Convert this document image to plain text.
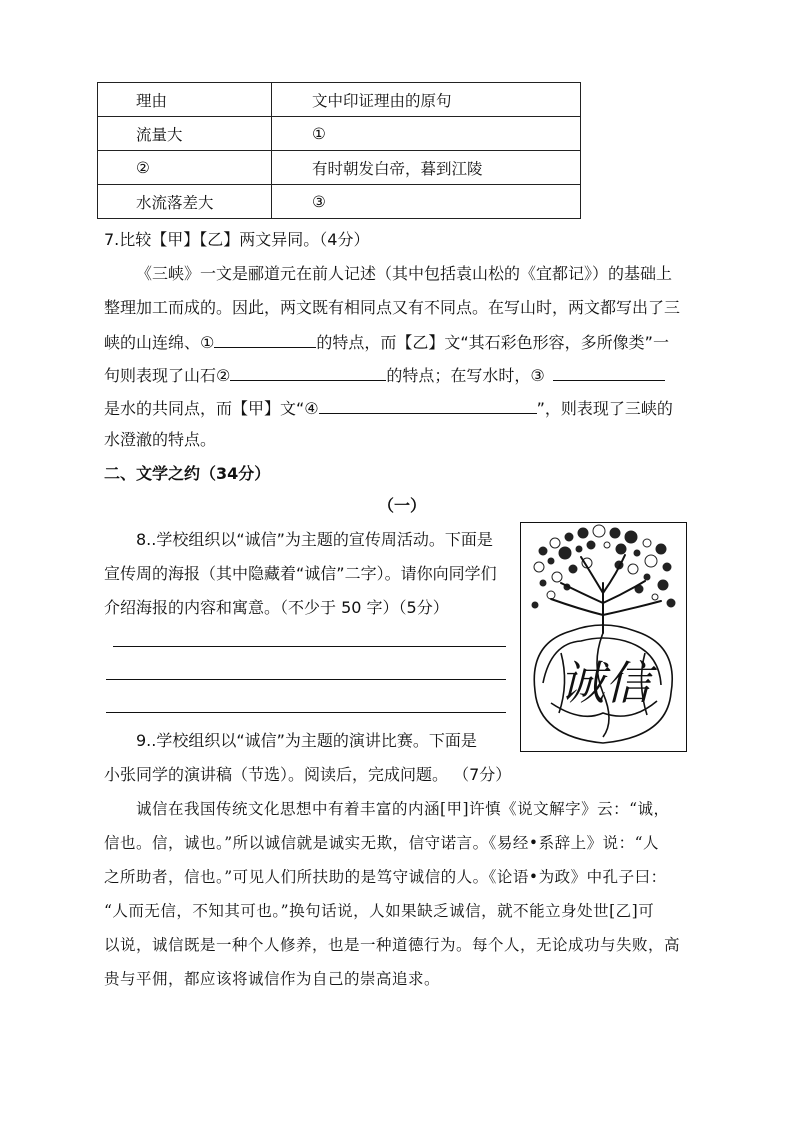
理由	文中印证理由的原句
流量大	①
②	有时朝发白帝，暮到江陵
水流落差大	③
7.比较【甲】【乙】两文异同。（4分）
《三峡》一文是郦道元在前人记述（其中包括袁山松的《宜都记》）的基础上
整理加工而成的。因此，两文既有相同点又有不同点。在写山时，两文都写出了三
峡的山连绵、①	的特点，而【乙】文“其石彩色形容，多所像类”一
句则表现了山石②	的特点；在写水时，③
是水的共同点，而【甲】文“④	”，则表现了三峡的
水澄澈的特点。
二、文学之约（34分）
（一）
8..学校组织以“诚信”为主题的宣传周活动。下面是
宣传周的海报（其中隐藏着“诚信”二字）。请你向同学们
介绍海报的内容和寓意。（不少于 50 字）（5分）
9..学校组织以“诚信”为主题的演讲比赛。下面是
小张同学的演讲稿（节选）。阅读后，完成问题。 （7分）
诚信在我国传统文化思想中有着丰富的内涵[甲]许慎《说文解字》云：“诚，
信也。信，诚也。”所以诚信就是诚实无欺，信守诺言。《易经•系辞上》说：“人
之所助者，信也。”可见人们所扶助的是笃守诚信的人。《论语•为政》中孔子曰：
“人而无信，不知其可也。”换句话说，人如果缺乏诚信，就不能立身处世[乙]可
以说，诚信既是一种个人修养，也是一种道德行为。每个人，无论成功与失败，高
贵与平佣，都应该将诚信作为自己的崇高追求。
诚信
